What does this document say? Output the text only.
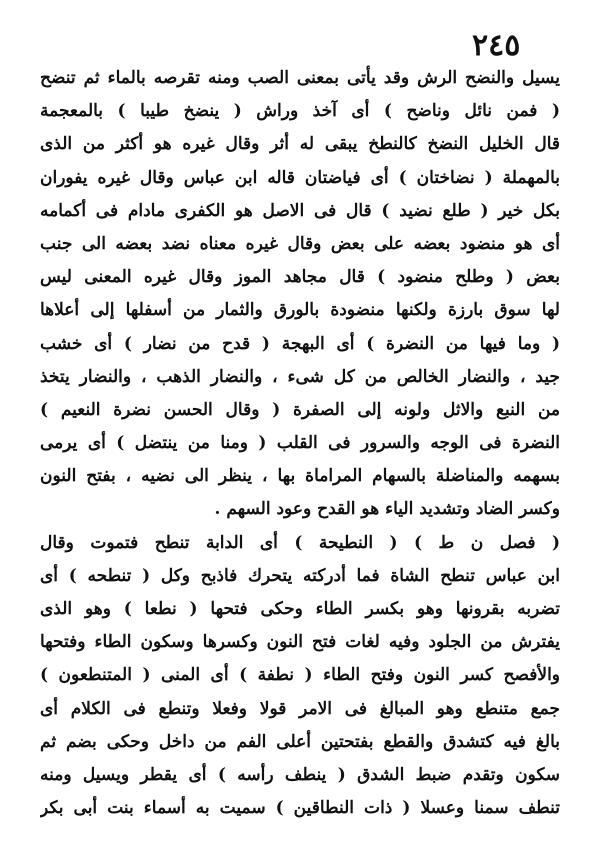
٢٤٥
يسيل والنضح الرش وقد يأتى بمعنى الصب ومنه تقرصه بالماء ثم تنضح
( فمن نائل وناضح ) أى آخذ وراش ( ينضخ طيبا ) بالمعجمة
قال الخليل النضخ كالنطخ يبقى له أثر وقال غيره هو أكثر من الذى
بالمهملة ( نضاختان ) أى فياضتان قاله ابن عباس وقال غيره يفوران
بكل خير ( طلع نضيد ) قال فى الاصل هو الكفرى مادام فى أكمامه
أى هو منضود بعضه على بعض وقال غيره معناه نضد بعضه الى جنب
بعض ( وطلح منضود ) قال مجاهد الموز وقال غيره المعنى ليس
لها سوق بارزة ولكنها منضودة بالورق والثمار من أسفلها إلى أعلاها
( وما فيها من النضرة ) أى البهجة ( قدح من نضار ) أى خشب
جيد ، والنضار الخالص من كل شىء ، والنضار الذهب ، والنضار يتخذ
من النبع والاثل ولونه إلى الصفرة ( وقال الحسن نضرة النعيم )
النضرة فى الوجه والسرور فى القلب ( ومنا من ينتضل ) أى يرمى
بسهمه والمناضلة بالسهام المراماة بها ، ينظر الى نضيه ، بفتح النون
وكسر الضاد وتشديد الياء هو القدح وعود السهم .
( فصل ن ط ) ( النطيحة ) أى الدابة تنطح فتموت وقال
ابن عباس تنطح الشاة فما أدركته يتحرك فاذبح وكل ( تنطحه ) أى
تضربه بقرونها وهو بكسر الطاء وحكى فتحها ( نطعا ) وهو الذى
يفترش من الجلود وفيه لغات فتح النون وكسرها وسكون الطاء وفتحها
والأفصح كسر النون وفتح الطاء ( نطفة ) أى المنى ( المتنطعون )
جمع متنطع وهو المبالغ فى الامر قولا وفعلا وتنطع فى الكلام أى
بالغ فيه كتشدق والقطع بفتحتين أعلى الفم من داخل وحكى بضم ثم
سكون وتقدم ضبط الشدق ( ينطف رأسه ) أى يقطر ويسيل ومنه
تنطف سمنا وعسلا ( ذات النطاقين ) سميت به أسماء بنت أبى بكر
